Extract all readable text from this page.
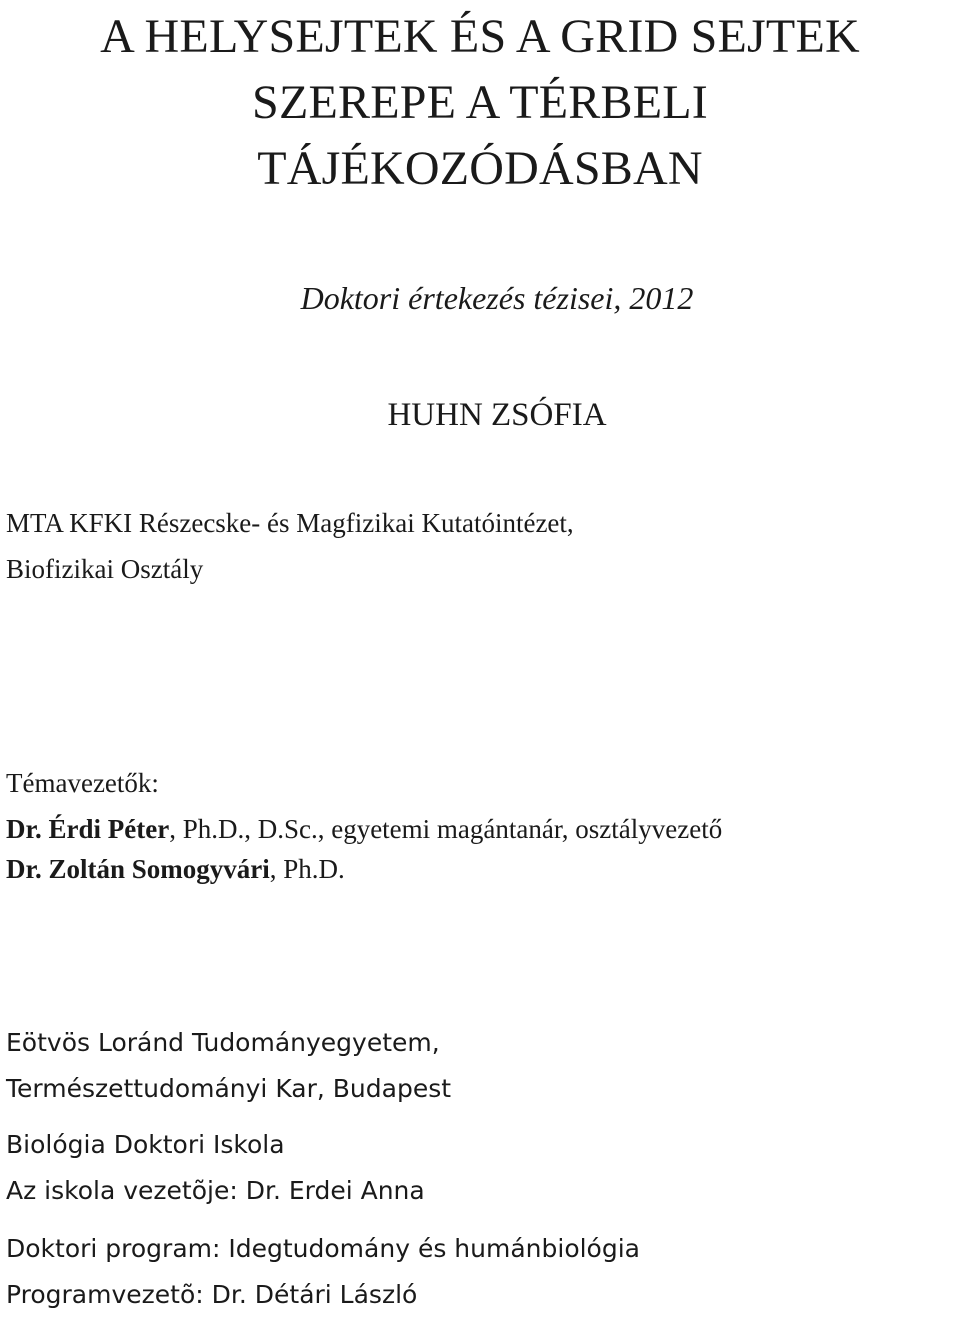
A HELYSEJTEK ÉS A GRID SEJTEK
SZEREPE A TÉRBELI
TÁJÉKOZÓDÁSBAN
Doktori értekezés tézisei, 2012
HUHN ZSÓFIA
MTA KFKI Részecske- és Magfizikai Kutatóintézet,
Biofizikai Osztály
Témavezetők:
Dr. Érdi Péter, Ph.D., D.Sc., egyetemi magántanár, osztályvezető
Dr. Zoltán Somogyvári, Ph.D.
Eötvös Loránd Tudományegyetem,
Természettudományi Kar, Budapest
Biológia Doktori Iskola
Az iskola vezetõje: Dr. Erdei Anna
Doktori program: Idegtudomány és humánbiológia
Programvezetõ: Dr. Détári László
